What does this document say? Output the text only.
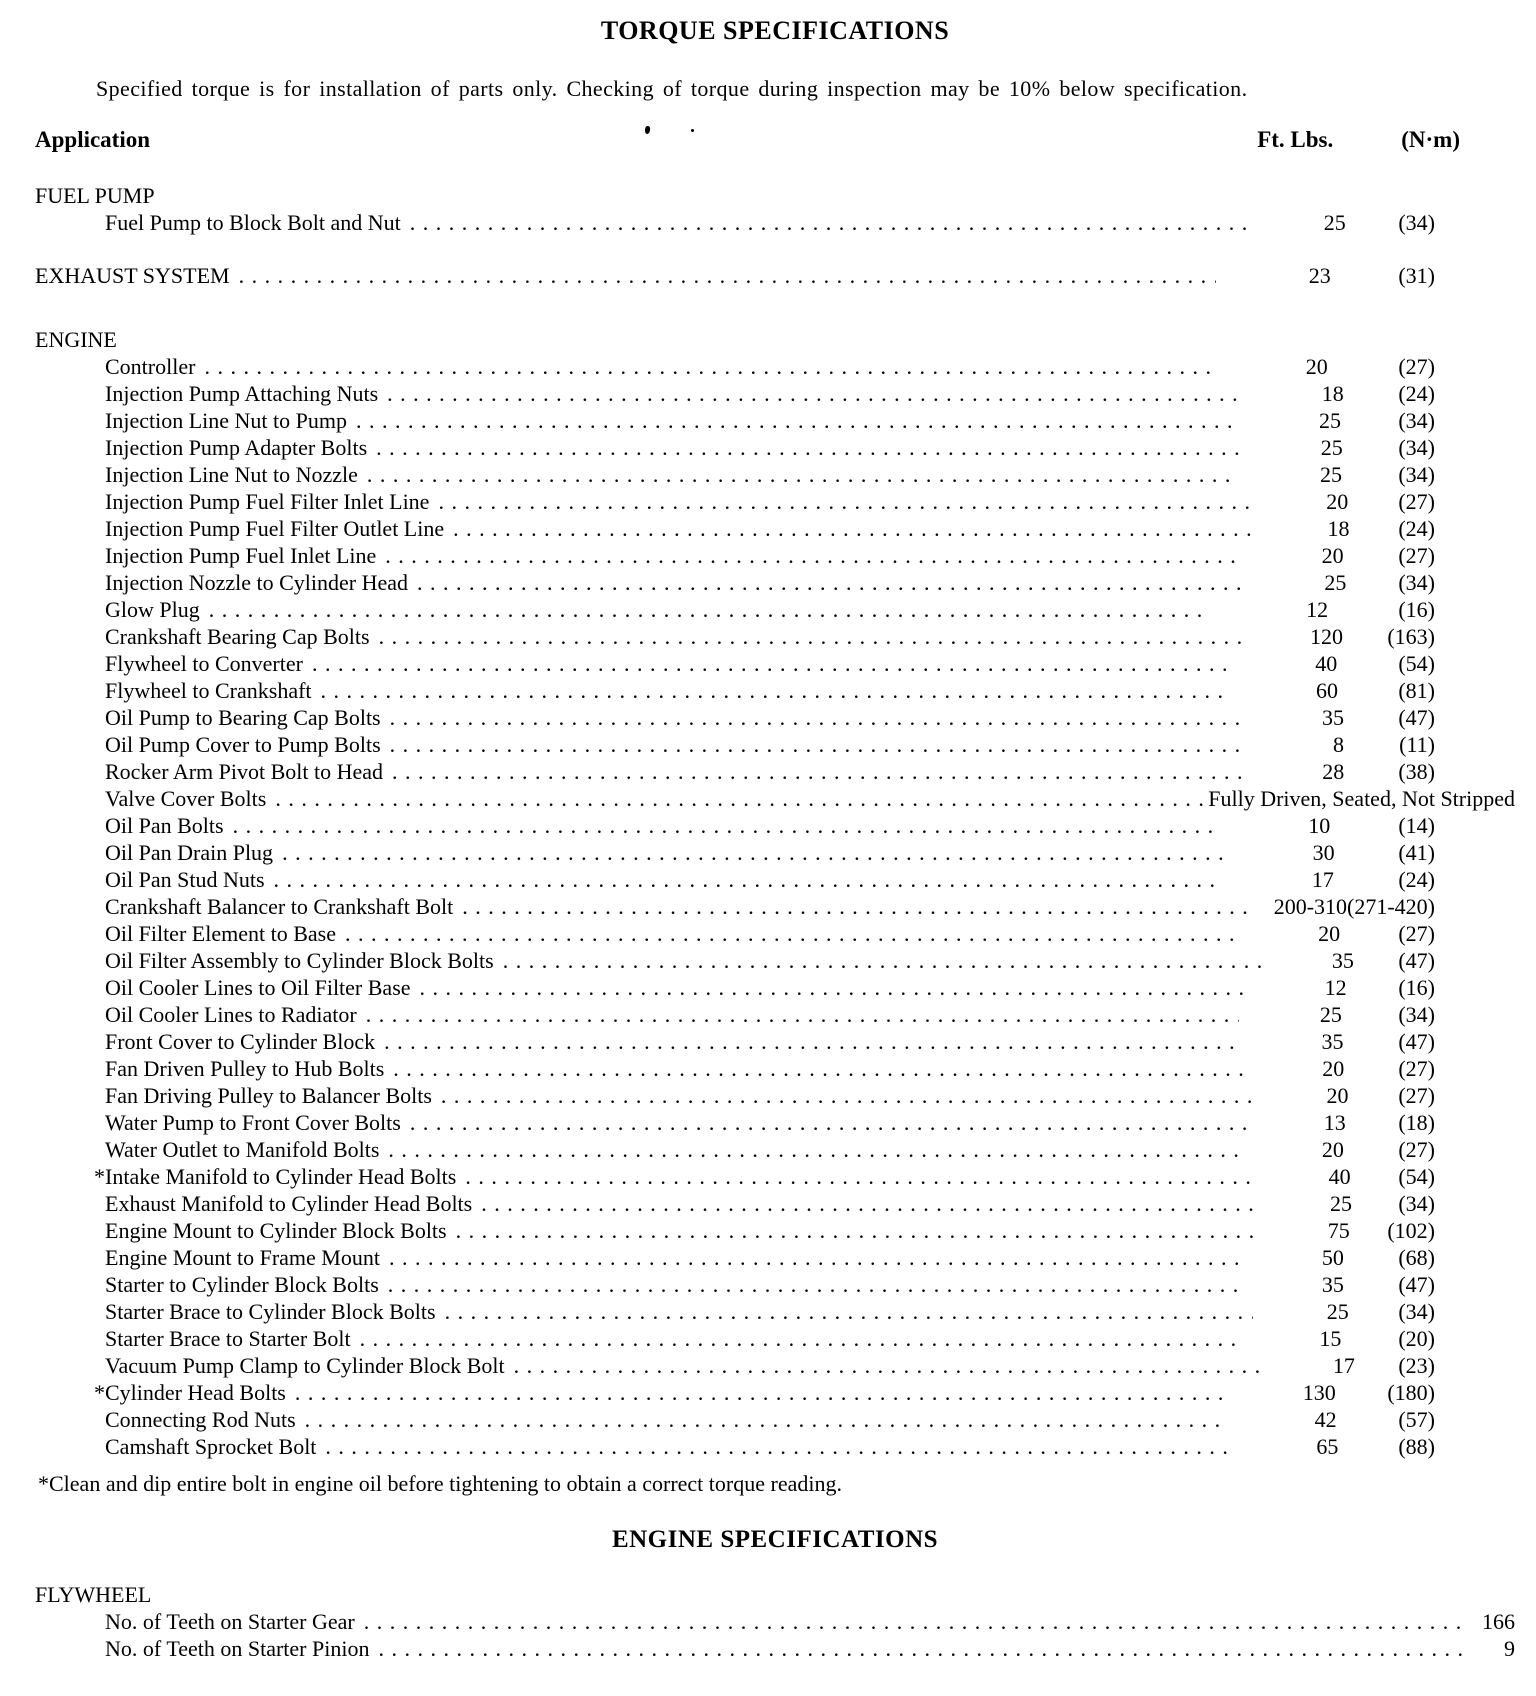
TORQUE SPECIFICATIONS
Specified torque is for installation of parts only. Checking of torque during inspection may be 10% below specification.
Application	Ft. Lbs.	(N·m)
FUEL PUMP
Fuel Pump to Block Bolt and Nut . . .	25	(34)
EXHAUST SYSTEM . . .	23	(31)
ENGINE
Controller . . .	20	(27)
Injection Pump Attaching Nuts . . .	18	(24)
Injection Line Nut to Pump . . .	25	(34)
Injection Pump Adapter Bolts . . .	25	(34)
Injection Line Nut to Nozzle . . .	25	(34)
Injection Pump Fuel Filter Inlet Line . . .	20	(27)
Injection Pump Fuel Filter Outlet Line . . .	18	(24)
Injection Pump Fuel Inlet Line . . .	20	(27)
Injection Nozzle to Cylinder Head . . .	25	(34)
Glow Plug . . .	12	(16)
Crankshaft Bearing Cap Bolts . . .	120	(163)
Flywheel to Converter . . .	40	(54)
Flywheel to Crankshaft . . .	60	(81)
Oil Pump to Bearing Cap Bolts . . .	35	(47)
Oil Pump Cover to Pump Bolts . . .	8	(11)
Rocker Arm Pivot Bolt to Head . . .	28	(38)
Valve Cover Bolts . . .	Fully Driven, Seated, Not Stripped
Oil Pan Bolts . . .	10	(14)
Oil Pan Drain Plug . . .	30	(41)
Oil Pan Stud Nuts . . .	17	(24)
Crankshaft Balancer to Crankshaft Bolt . . .	200-310 (271-420)
Oil Filter Element to Base . . .	20	(27)
Oil Filter Assembly to Cylinder Block Bolts . . .	35	(47)
Oil Cooler Lines to Oil Filter Base . . .	12	(16)
Oil Cooler Lines to Radiator . . .	25	(34)
Front Cover to Cylinder Block . . .	35	(47)
Fan Driven Pulley to Hub Bolts . . .	20	(27)
Fan Driving Pulley to Balancer Bolts . . .	20	(27)
Water Pump to Front Cover Bolts . . .	13	(18)
Water Outlet to Manifold Bolts . . .	20	(27)
*Intake Manifold to Cylinder Head Bolts . . .	40	(54)
Exhaust Manifold to Cylinder Head Bolts . . .	25	(34)
Engine Mount to Cylinder Block Bolts . . .	75	(102)
Engine Mount to Frame Mount . . .	50	(68)
Starter to Cylinder Block Bolts . . .	35	(47)
Starter Brace to Cylinder Block Bolts . . .	25	(34)
Starter Brace to Starter Bolt . . .	15	(20)
Vacuum Pump Clamp to Cylinder Block Bolt . . .	17	(23)
*Cylinder Head Bolts . . .	130	(180)
Connecting Rod Nuts . . .	42	(57)
Camshaft Sprocket Bolt . . .	65	(88)
*Clean and dip entire bolt in engine oil before tightening to obtain a correct torque reading.
ENGINE SPECIFICATIONS
FLYWHEEL
No. of Teeth on Starter Gear . . .	166
No. of Teeth on Starter Pinion . . .	9
